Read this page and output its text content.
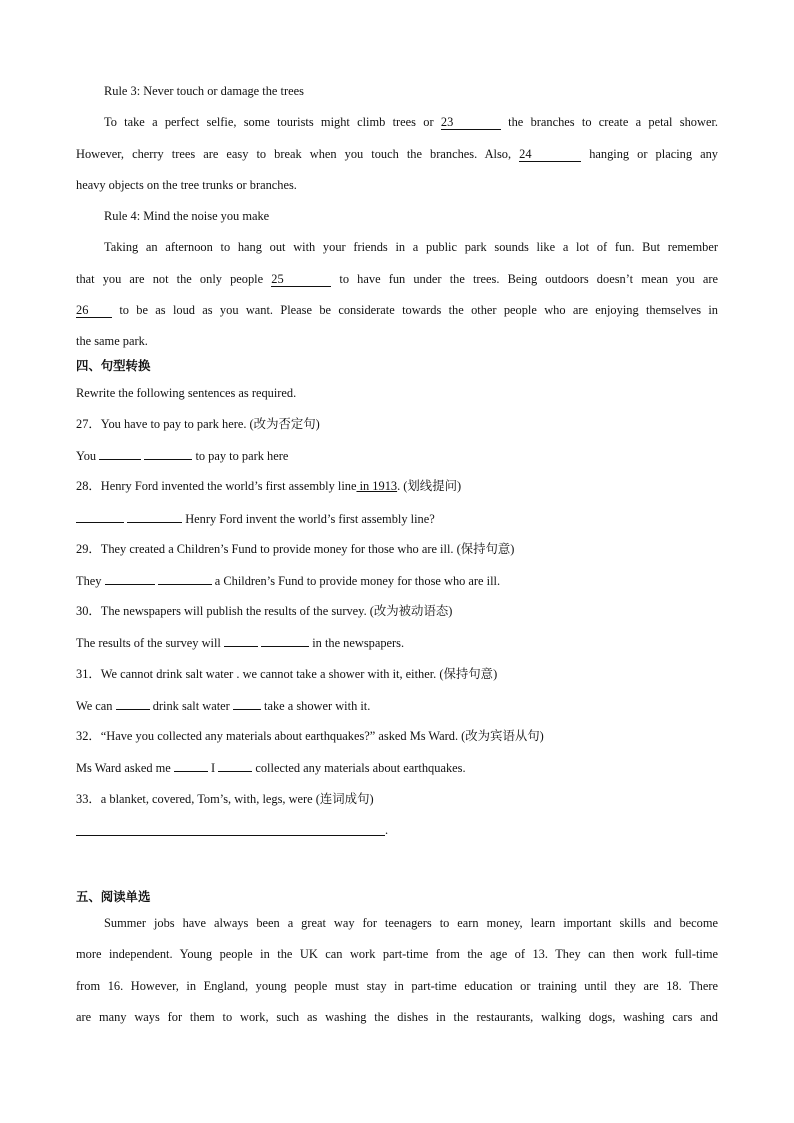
Rule 3: Never touch or damage the trees
To take a perfect selfie, some tourists might climb trees or 23	the branches to create a petal shower.
However, cherry trees are easy to break when you touch the branches. Also, 24	hanging or placing any
heavy objects on the tree trunks or branches.
Rule 4: Mind the noise you make
Taking an afternoon to hang out with your friends in a public park sounds like a lot of fun. But remember
that you are not the only people 25	to have fun under the trees. Being outdoors doesn’t mean you are
26 to be as loud as you want. Please be considerate towards the other people who are enjoying themselves in
the same park.
四、句型转换
Rewrite the following sentences as required.
27．You have to pay to park here. (改为否定句)
You	to pay to park here
28．Henry Ford invented the world’s first assembly line in 1913. (划线提问)
Henry Ford invent the world’s first assembly line?
29．They created a Children’s Fund to provide money for those who are ill. (保持句意)
They	a Children’s Fund to provide money for those who are ill.
30．The newspapers will publish the results of the survey. (改为被动语态)
The results of the survey will	in the newspapers.
31．We cannot drink salt water . we cannot take a shower with it, either. (保持句意)
We can	drink salt water	take a shower with it.
32．“Have you collected any materials about earthquakes?” asked Ms Ward. (改为宾语从句)
Ms Ward asked me	I	collected any materials about earthquakes.
33．a blanket, covered, Tom’s, with, legs, were (连词成句)
.
五、阅读单选
Summer jobs have always been a great way for teenagers to earn money, learn important skills and become
more independent. Young people in the UK can work part-time from the age of 13. They can then work full-time
from 16. However, in England, young people must stay in part-time education or training until they are 18. There
are many ways for them to work, such as washing the dishes in the restaurants, walking dogs, washing cars and
